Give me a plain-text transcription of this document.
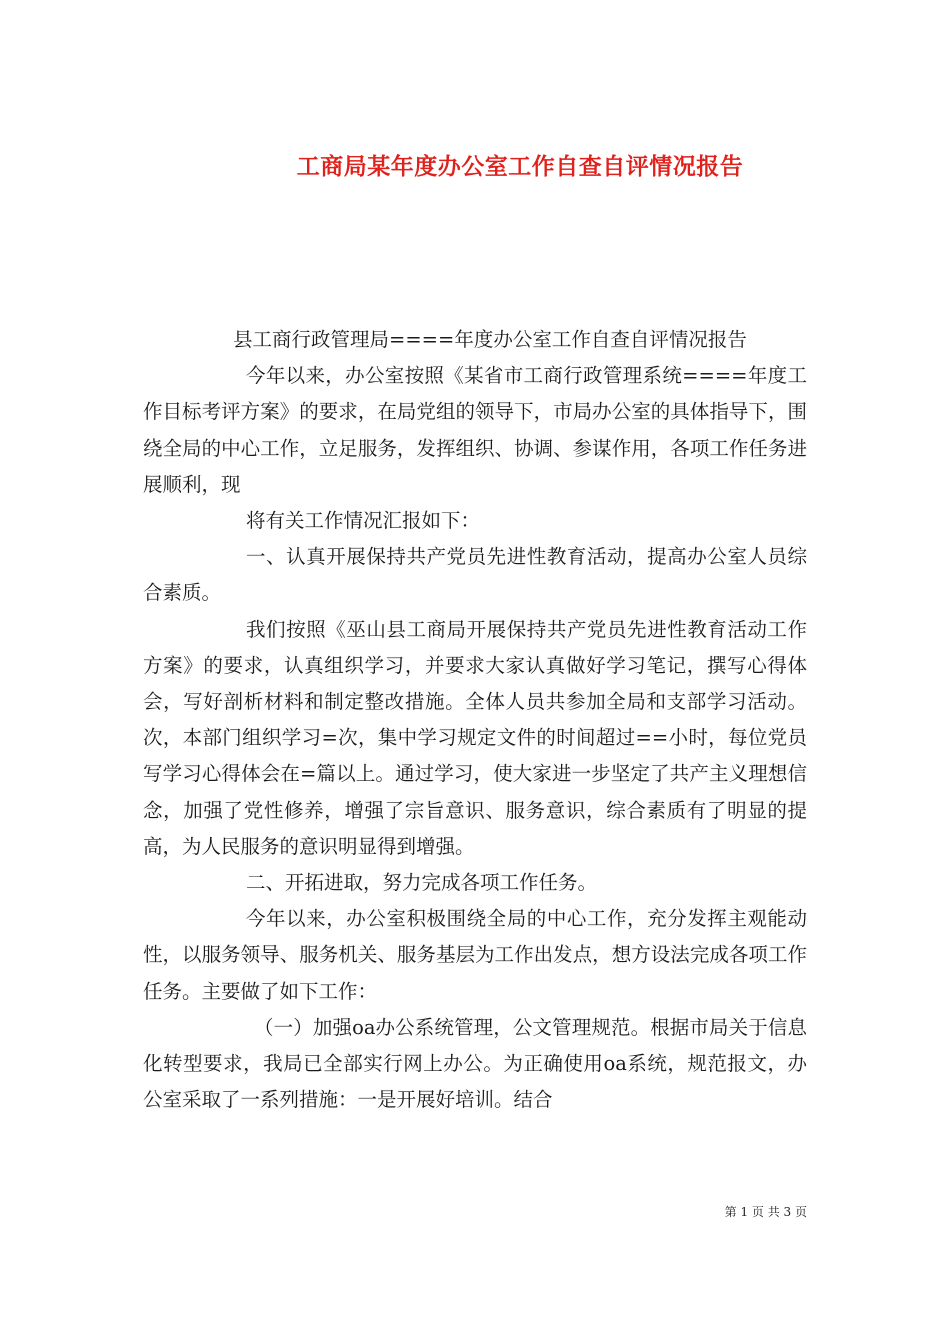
工商局某年度办公室工作自查自评情况报告

县工商行政管理局====年度办公室工作自查自评情况报告

今年以来，办公室按照《某省市工商行政管理系统====年度工作目标考评方案》的要求，在局党组的领导下，市局办公室的具体指导下，围绕全局的中心工作，立足服务，发挥组织、协调、参谋作用，各项工作任务进展顺利，现

将有关工作情况汇报如下：

一、认真开展保持共产党员先进性教育活动，提高办公室人员综合素质。

我们按照《巫山县工商局开展保持共产党员先进性教育活动工作方案》的要求，认真组织学习，并要求大家认真做好学习笔记，撰写心得体会，写好剖析材料和制定整改措施。全体人员共参加全局和支部学习活动。次，本部门组织学习=次，集中学习规定文件的时间超过==小时，每位党员写学习心得体会在=篇以上。通过学习，使大家进一步坚定了共产主义理想信念，加强了党性修养，增强了宗旨意识、服务意识，综合素质有了明显的提高，为人民服务的意识明显得到增强。

二、开拓进取，努力完成各项工作任务。

今年以来，办公室积极围绕全局的中心工作，充分发挥主观能动性，以服务领导、服务机关、服务基层为工作出发点，想方设法完成各项工作任务。主要做了如下工作：

（一）加强oa办公系统管理，公文管理规范。根据市局关于信息化转型要求，我局已全部实行网上办公。为正确使用oa系统，规范报文，办公室采取了一系列措施：一是开展好培训。结合

第 1 页 共 3 页
